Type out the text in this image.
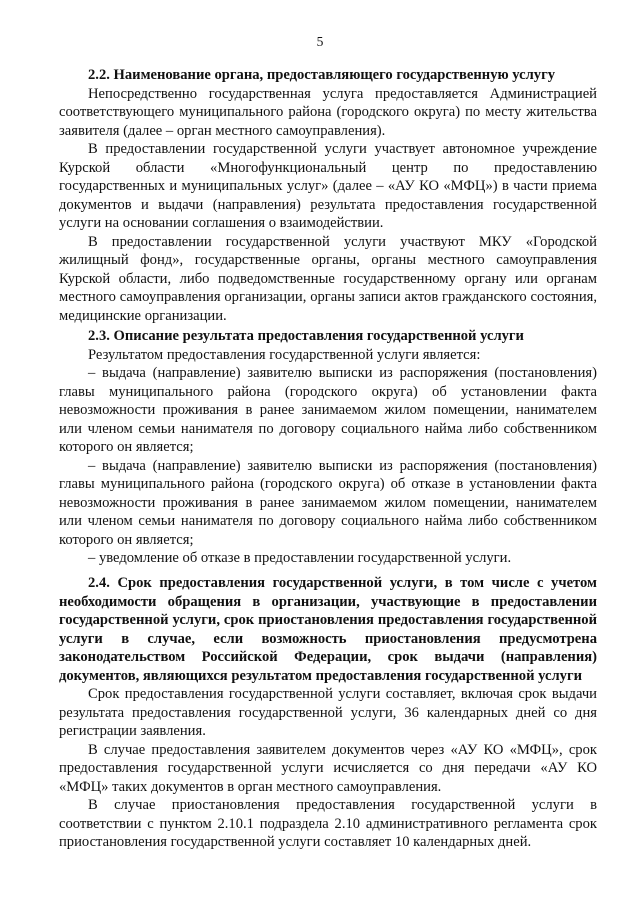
5

2.2. Наименование органа, предоставляющего государственную услугу

Непосредственно государственная услуга предоставляется Администрацией соответствующего муниципального района (городского округа) по месту жительства заявителя (далее – орган местного самоуправления).

В предоставлении государственной услуги участвует автономное учреждение Курской области «Многофункциональный центр по предоставлению государственных и муниципальных услуг» (далее – «АУ КО «МФЦ») в части приема документов и выдачи (направления) результата предоставления государственной услуги на основании соглашения о взаимодействии.

В предоставлении государственной услуги участвуют МКУ «Городской жилищный фонд», государственные органы, органы местного самоуправления Курской области, либо подведомственные государственному органу или органам местного самоуправления организации, органы записи актов гражданского состояния, медицинские организации.

2.3. Описание результата предоставления государственной услуги

Результатом предоставления государственной услуги является:

– выдача (направление) заявителю выписки из распоряжения (постановления) главы муниципального района (городского округа) об установлении факта невозможности проживания в ранее занимаемом жилом помещении, нанимателем или членом семьи нанимателя по договору социального найма либо собственником которого он является;

– выдача (направление) заявителю выписки из распоряжения (постановления) главы муниципального района (городского округа) об отказе в установлении факта невозможности проживания в ранее занимаемом жилом помещении, нанимателем или членом семьи нанимателя по договору социального найма либо собственником которого он является;

– уведомление об отказе в предоставлении государственной услуги.

2.4. Срок предоставления государственной услуги, в том числе с учетом необходимости обращения в организации, участвующие в предоставлении государственной услуги, срок приостановления предоставления государственной услуги в случае, если возможность приостановления предусмотрена законодательством Российской Федерации, срок выдачи (направления) документов, являющихся результатом предоставления государственной услуги

Срок предоставления государственной услуги составляет, включая срок выдачи результата предоставления государственной услуги, 36 календарных дней со дня регистрации заявления.

В случае предоставления заявителем документов через «АУ КО «МФЦ», срок предоставления государственной услуги исчисляется со дня передачи «АУ КО «МФЦ» таких документов в орган местного самоуправления.

В случае приостановления предоставления государственной услуги в соответствии с пунктом 2.10.1 подраздела 2.10 административного регламента срок приостановления государственной услуги составляет 10 календарных дней.
